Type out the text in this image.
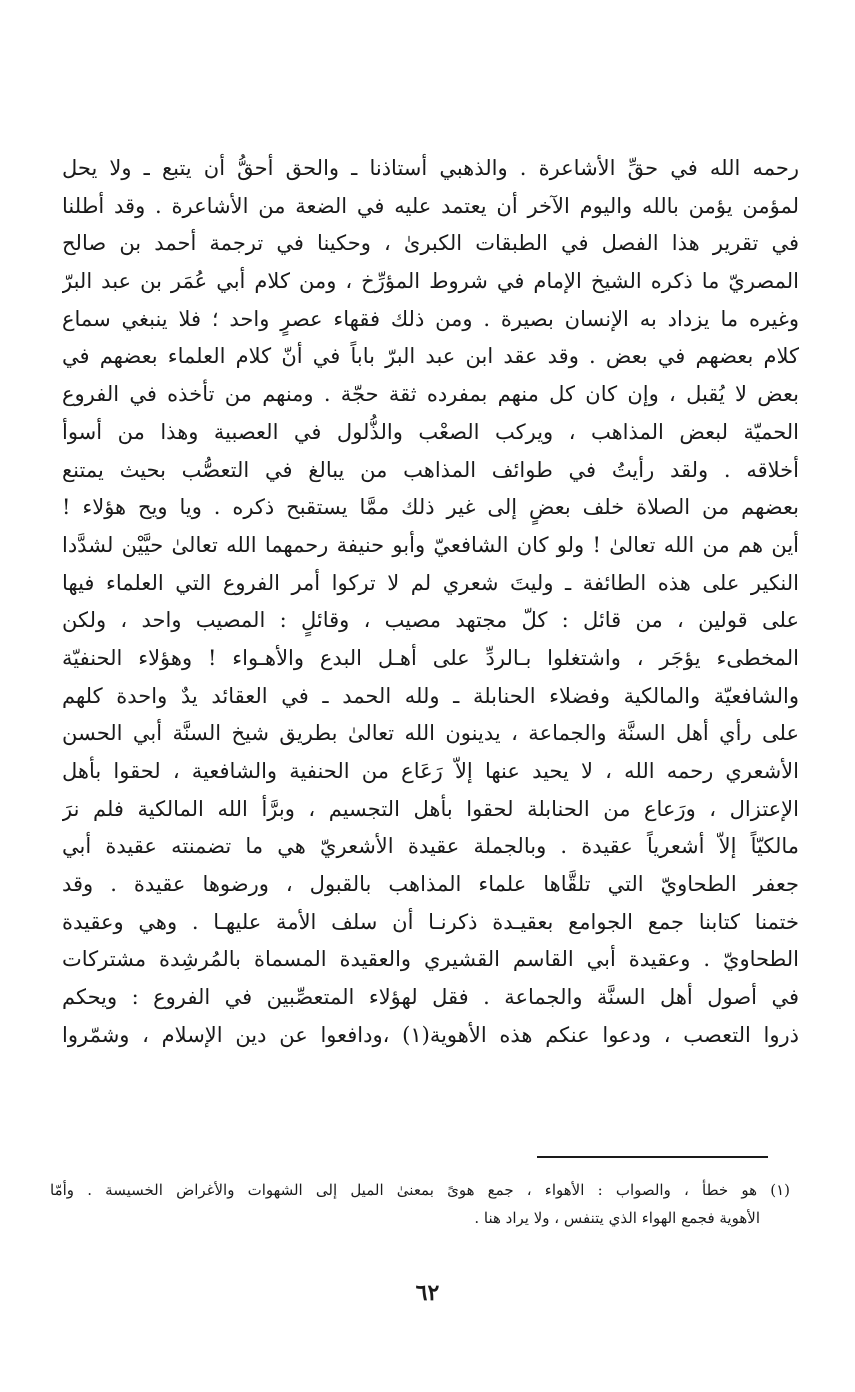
رحمه الله في حقِّ الأشاعرة . والذهبي أستاذنا ـ والحق أحقُّ أن يتبع ـ ولا يحل
لمؤمن يؤمن بالله واليوم الآخر أن يعتمد عليه في الضعة من الأشاعرة . وقد أطلنا
في تقرير هذا الفصل في الطبقات الكبرىٰ ، وحكينا في ترجمة أحمد بن صالح
المصريّ ما ذكره الشيخ الإمام في شروط المؤرِّخ ، ومن كلام أبي عُمَر بن عبد البرّ
وغيره ما يزداد به الإنسان بصيرة . ومن ذلك فقهاء عصرٍ واحد ؛ فلا ينبغي سماع
كلام بعضهم في بعض . وقد عقد ابن عبد البرّ باباً في أنّ كلام العلماء بعضهم في
بعض لا يُقبل ، وإن كان كل منهم بمفرده ثقة حجّة . ومنهم من تأخذه في الفروع
الحميّة لبعض المذاهب ، ويركب الصعْب والذُّلول في العصبية وهذا من أسوأ
أخلاقه . ولقد رأيتُ في طوائف المذاهب من يبالغ في التعصُّب بحيث يمتنع
بعضهم من الصلاة خلف بعضٍ إلى غير ذلك ممَّا يستقبح ذكره . ويا ويح هؤلاء !
أين هم من الله تعالىٰ ! ولو كان الشافعيّ وأبو حنيفة رحمهما الله تعالىٰ حيَّيْن لشدَّدا
النكير على هذه الطائفة ـ وليتَ شعري لم لا تركوا أمر الفروع التي العلماء فيها
على قولين ، من قائل : كلّ مجتهد مصيب ، وقائلٍ : المصيب واحد ، ولكن
المخطىء يؤجَر ، واشتغلوا بـالردِّ على أهـل البدع والأهـواء ! وهؤلاء الحنفيّة
والشافعيّة والمالكية وفضلاء الحنابلة ـ ولله الحمد ـ في العقائد يدٌ واحدة كلهم
على رأي أهل السنَّة والجماعة ، يدينون الله تعالىٰ بطريق شيخ السنَّة أبي الحسن
الأشعري رحمه الله ، لا يحيد عنها إلاّ رَعَاع من الحنفية والشافعية ، لحقوا بأهل
الإعتزال ، ورَعاع من الحنابلة لحقوا بأهل التجسيم ، وبرَّأ الله المالكية فلم نرَ
مالكيّاً إلاّ أشعرياً عقيدة . وبالجملة عقيدة الأشعريّ هي ما تضمنته عقيدة أبي
جعفر الطحاويّ التي تلقَّاها علماء المذاهب بالقبول ، ورضوها عقيدة . وقد
ختمنا كتابنا جمع الجوامع بعقيـدة ذكرنـا أن سلف الأمة عليهـا . وهي وعقيدة
الطحاويّ . وعقيدة أبي القاسم القشيري والعقيدة المسماة بالمُرشِدة مشتركات
في أصول أهل السنَّة والجماعة . فقل لهؤلاء المتعصِّبين في الفروع : ويحكم
ذروا التعصب ، ودعوا عنكم هذه الأهوية(١) ،ودافعوا عن دين الإسلام ، وشمّروا
(١) هو خطأ ، والصواب : الأهواء ، جمع هوىً بمعنىٰ الميل إلى الشهوات والأغراض الخسيسة . وأمّا
الأهوية فجمع الهواء الذي يتنفس ، ولا يراد هنا .
٦٢
